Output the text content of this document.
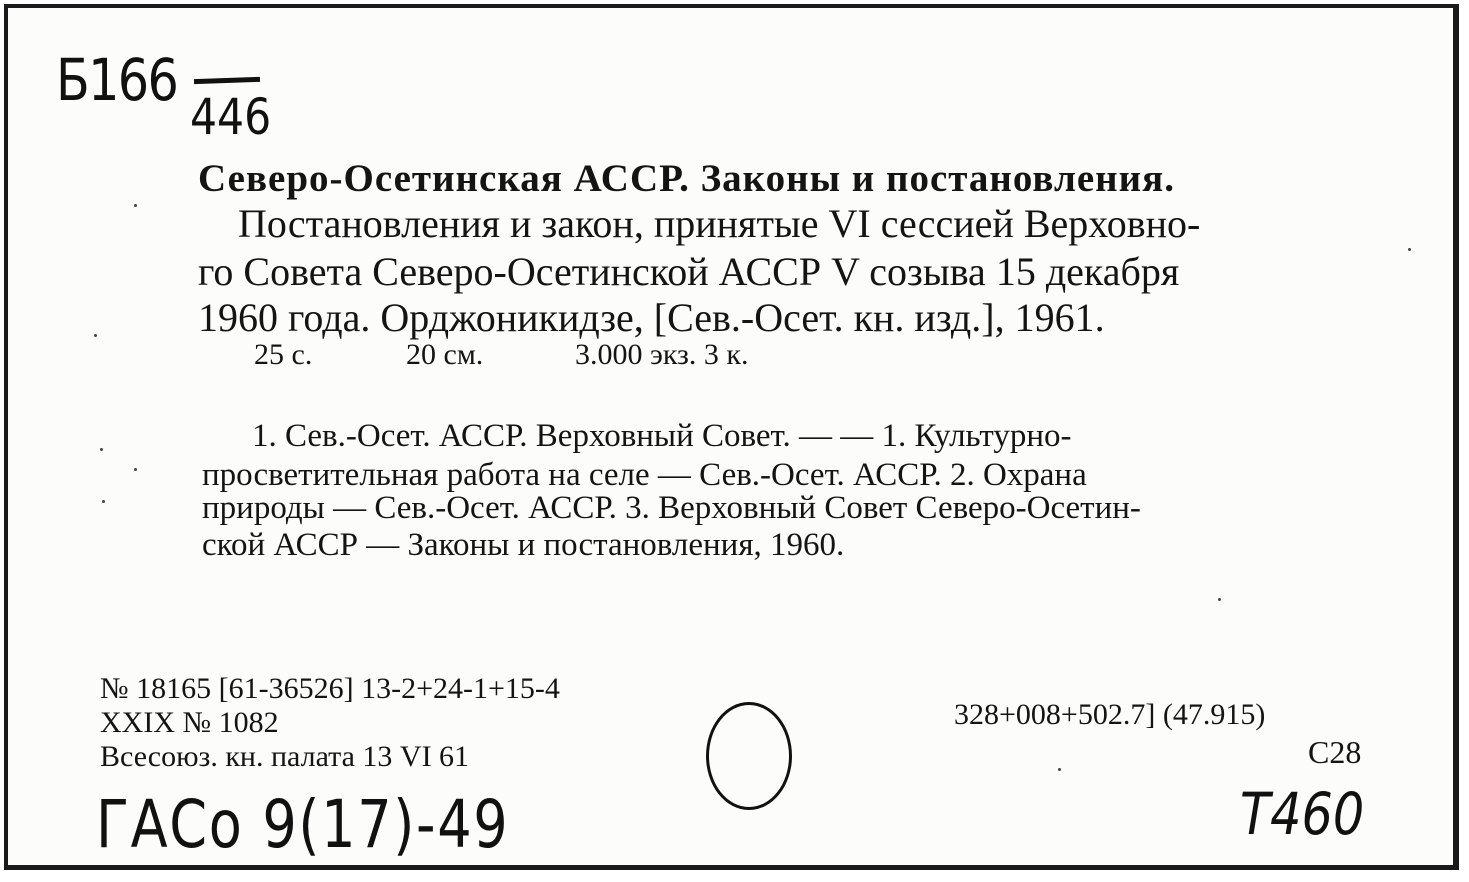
Б166
446
Северо-Осетинская АССР. Законы и постановления.
Постановления и закон, принятые VI сессией Верховно-
го Совета Северо-Осетинской АССР V созыва 15 декабря
1960 года. Орджоникидзе, [Сев.-Осет. кн. изд.], 1961.
25 с.	20 см.	3.000 экз. 3 к.
1. Сев.-Осет. АССР. Верховный Совет. — — 1. Культурно-
просветительная работа на селе — Сев.-Осет. АССР. 2. Охрана
природы — Сев.-Осет. АССР. 3. Верховный Совет Северо-Осетин-
ской АССР — Законы и постановления, 1960.
№ 18165 [61-36526] 13-2+24-1+15-4
XXIX № 1082
Всесоюз. кн. палата 13 VI 61
328+008+502.7] (47.915)
С28
ГАСо 9(17)-49	Т460
